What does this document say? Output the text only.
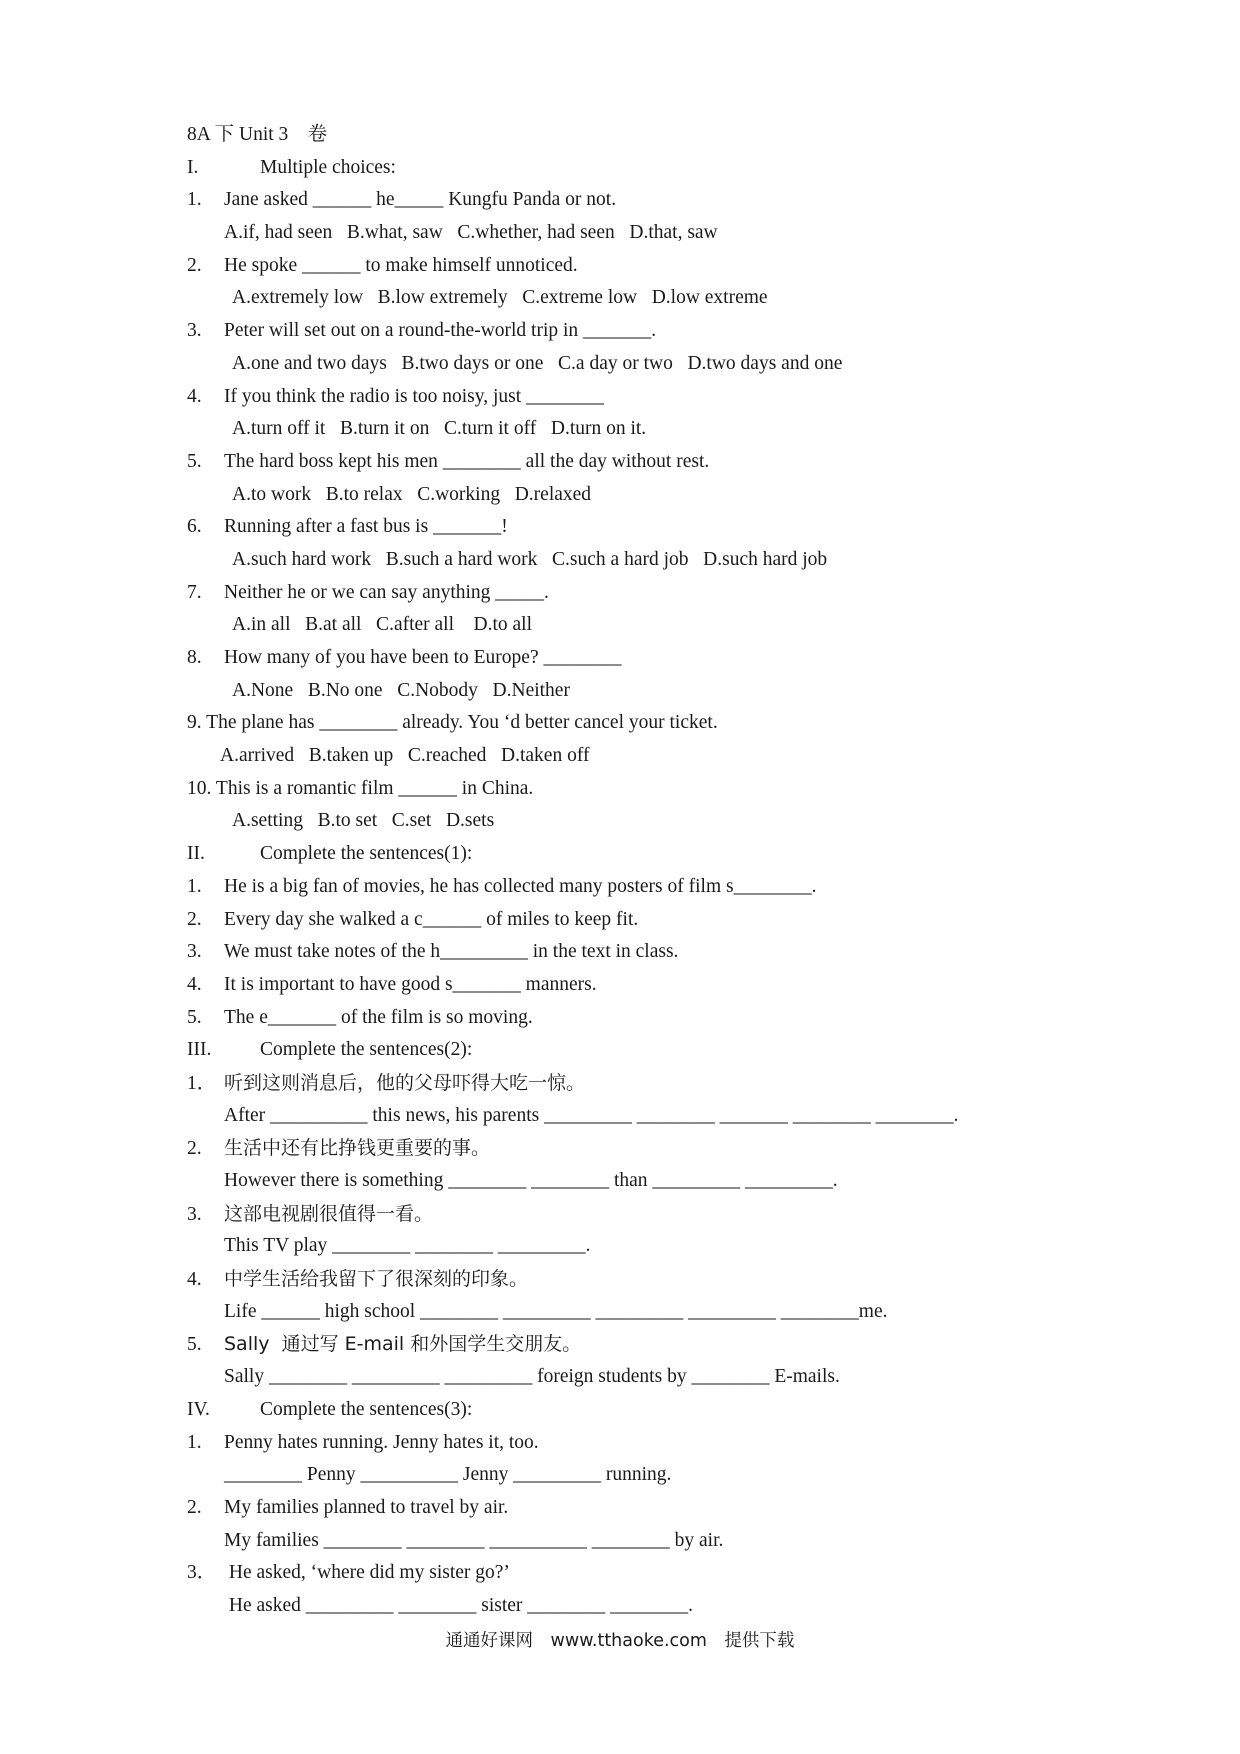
8A 下 Unit 3　卷
I.	Multiple choices:
1. Jane asked ______ he_____ Kungfu Panda or not.
A.if, had seen   B.what, saw   C.whether, had seen   D.that, saw
2. He spoke ______ to make himself unnoticed.
A.extremely low   B.low extremely   C.extreme low   D.low extreme
3. Peter will set out on a round-the-world trip in _______.
A.one and two days   B.two days or one   C.a day or two   D.two days and one
4. If you think the radio is too noisy, just ________
A.turn off it   B.turn it on   C.turn it off   D.turn on it.
5. The hard boss kept his men ________ all the day without rest.
A.to work   B.to relax   C.working   D.relaxed
6. Running after a fast bus is _______!
A.such hard work   B.such a hard work   C.such a hard job   D.such hard job
7. Neither he or we can say anything _____.
A.in all   B.at all   C.after all    D.to all
8. How many of you have been to Europe? ________
A.None   B.No one   C.Nobody   D.Neither
9. The plane has ________ already. You ‘d better cancel your ticket.
A.arrived   B.taken up   C.reached   D.taken off
10. This is a romantic film ______ in China.
A.setting   B.to set   C.set   D.sets
II.	Complete the sentences(1):
1. He is a big fan of movies, he has collected many posters of film s________.
2. Every day she walked a c______ of miles to keep fit.
3. We must take notes of the h_________ in the text in class.
4. It is important to have good s_______ manners.
5. The e_______ of the film is so moving.
III. Complete the sentences(2):
1． 听到这则消息后，他的父母吓得大吃一惊。
After __________ this news, his parents _________ ________ _______ ________ ________.
2. 生活中还有比挣钱更重要的事。
However there is something ________ ________ than _________ _________.
3. 这部电视剧很值得一看。
This TV play ________ ________ _________.
4. 中学生活给我留下了很深刻的印象。
Life ______ high school ________ _________ _________ _________ ________me.
5. Sally  通过写 E-mail 和外国学生交朋友。
Sally ________ _________ _________ foreign students by ________ E-mails.
IV.	Complete the sentences(3):
1. Penny hates running. Jenny hates it, too.
________ Penny __________ Jenny _________ running.
2. My families planned to travel by air.
My families ________ ________ __________ ________ by air.
3． He asked, ‘where did my sister go?’
He asked _________ ________ sister ________ ________.
通通好课网　www.tthaoke.com　提供下载
